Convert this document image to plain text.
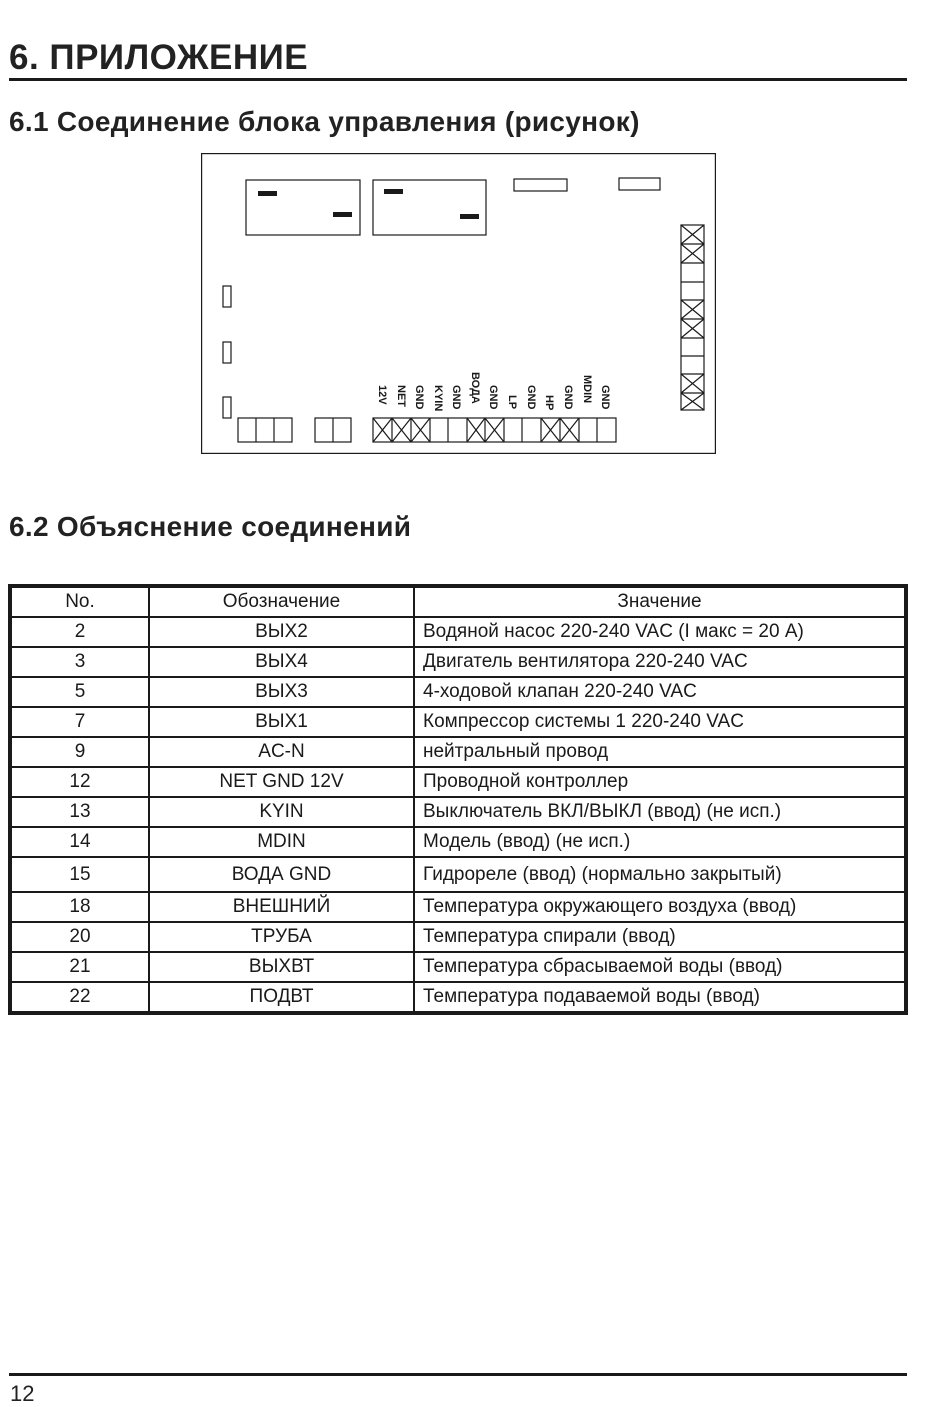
6. ПРИЛОЖЕНИЕ
6.1 Соединение блока управления (рисунок)
12V NET GND KYIN GND ВОДА GND LP GND HP GND MDIN GND
6.2 Объяснение соединений
No.	Обозначение	Значение
2	ВЫХ2	Водяной насос 220-240 VAC (I макс = 20 A)
3	ВЫХ4	Двигатель вентилятора 220-240 VAC
5	ВЫХ3	4-ходовой клапан 220-240 VAC
7	ВЫХ1	Компрессор системы 1 220-240 VAC
9	AC-N	нейтральный провод
12	NET GND 12V	Проводной контроллер
13	KYIN	Выключатель ВКЛ/ВЫКЛ (ввод) (не исп.)
14	MDIN	Модель (ввод) (не исп.)
15	ВОДА GND	Гидрореле (ввод) (нормально закрытый)
18	ВНЕШНИЙ	Температура окружающего воздуха (ввод)
20	ТРУБА	Температура спирали (ввод)
21	ВЫХВТ	Температура сбрасываемой воды (ввод)
22	ПОДВТ	Температура подаваемой воды (ввод)
12
